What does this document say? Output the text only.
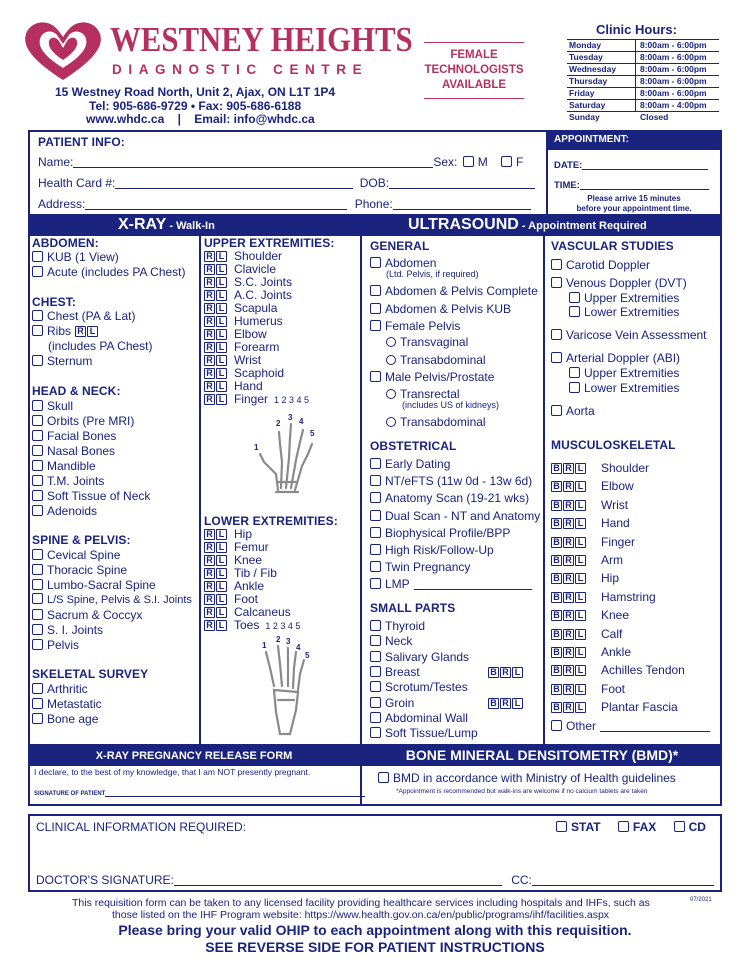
WESTNEY HEIGHTS
DIAGNOSTIC CENTRE
15 Westney Road North, Unit 2, Ajax, ON L1T 1P4
Tel: 905-686-9729 • Fax: 905-686-6188
www.whdc.ca | Email: info@whdc.ca
FEMALE
TECHNOLOGISTS
AVAILABLE
Clinic Hours:
Monday	8:00am - 6:00pm
Tuesday	8:00am - 6:00pm
Wednesday	8:00am - 6:00pm
Thursday	8:00am - 6:00pm
Friday	8:00am - 6:00pm
Saturday	8:00am - 4:00pm
Sunday	Closed
PATIENT INFO:
Name:	Sex: M F
Health Card #:	DOB:
Address:	Phone:
APPOINTMENT:
DATE:
TIME:
Please arrive 15 minutes
before your appointment time.
X-RAY - Walk-In	ULTRASOUND - Appointment Required
1
2
3 4
5
1
2 3
4
5
X-RAY PREGNANCY RELEASE FORM	BONE MINERAL DENSITOMETRY (BMD)*
I declare, to the best of my knowledge, that I am NOT presently pregnant.
SIGNATURE OF PATIENT
BMD in accordance with Ministry of Health guidelines
*Appointment is recommended but walk-ins are welcome if no calcium tablets are taken
CLINICAL INFORMATION REQUIRED:	STAT	FAX	CD
DOCTOR'S SIGNATURE:	CC:
This requisition form can be taken to any licensed facility providing healthcare services including hospitals and IHFs, such as
those listed on the IHF Program website: https://www.health.gov.on.ca/en/public/programs/ihf/facilities.aspx
07/2021
Please bring your valid OHIP to each appointment along with this requisition.
SEE REVERSE SIDE FOR PATIENT INSTRUCTIONS
ABDOMEN:
KUB (1 View)
Acute (includes PA Chest)
CHEST:
Chest (PA & Lat)
Ribs R L
(includes PA Chest)
Sternum
HEAD & NECK:
Skull
Orbits (Pre MRI)
Facial Bones
Nasal Bones
Mandible
T.M. Joints
Soft Tissue of Neck
Adenoids
SPINE & PELVIS:
Cevical Spine
Thoracic Spine
Lumbo-Sacral Spine
L/S Spine, Pelvis & S.I. Joints
Sacrum & Coccyx
S. I. Joints
Pelvis
SKELETAL SURVEY
Arthritic
Metastatic
Bone age
UPPER EXTREMITIES:
R L Shoulder
R L Clavicle
R L S.C. Joints
R L A.C. Joints
R L Scapula
R L Humerus
R L Elbow
R L Forearm
R L Wrist
R L Scaphoid
R L Hand
R L Finger 1 2 3 4 5
LOWER EXTREMITIES:
R L Hip
R L Femur
R L Knee
R L Tib / Fib
R L Ankle
R L Foot
R L Calcaneus
R L Toes 1 2 3 4 5
GENERAL
Abdomen
(Ltd. Pelvis, if required)
Abdomen & Pelvis Complete
Abdomen & Pelvis KUB
Female Pelvis
Transvaginal
Transabdominal
Male Pelvis/Prostate
Transrectal
(includes US of kidneys)
Transabdominal
OBSTETRICAL
Early Dating
NT/eFTS (11w 0d - 13w 6d)
Anatomy Scan (19-21 wks)
Dual Scan - NT and Anatomy
Biophysical Profile/BPP
High Risk/Follow-Up
Twin Pregnancy
LMP
SMALL PARTS
Thyroid
Neck
Salivary Glands
Breast	B R L
Scrotum/Testes
Groin	B R L
Abdominal Wall
Soft Tissue/Lump
VASCULAR STUDIES
Carotid Doppler
Venous Doppler (DVT)
Upper Extremities
Lower Extremities
Varicose Vein Assessment
Arterial Doppler (ABI)
Upper Extremities
Lower Extremities
Aorta
MUSCULOSKELETAL
B R L Shoulder
B R L Elbow
B R L Wrist
B R L Hand
B R L Finger
B R L Arm
B R L Hip
B R L Hamstring
B R L Knee
B R L Calf
B R L Ankle
B R L Achilles Tendon
B R L Foot
B R L Plantar Fascia
Other
